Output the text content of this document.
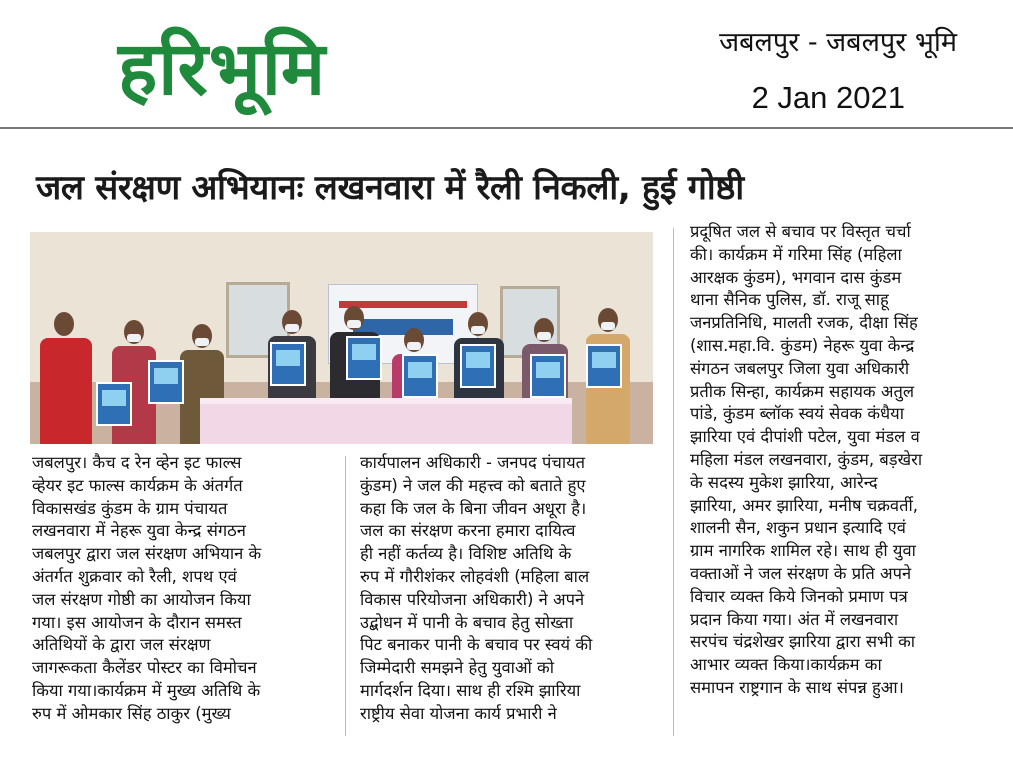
हरिभूमि	जबलपुर - जबलपुर भूमि
2 Jan 2021
जल संरक्षण अभियानः लखनवारा में रैली निकली, हुई गोष्ठी
जबलपुर। कैच द रेन व्हेन इट फाल्स
व्हेयर इट फाल्स कार्यक्रम के अंतर्गत
विकासखंड कुंडम के ग्राम पंचायत
लखनवारा में नेहरू युवा केन्द्र संगठन
जबलपुर द्वारा जल संरक्षण अभियान के
अंतर्गत शुक्रवार को रैली, शपथ एवं
जल संरक्षण गोष्ठी का आयोजन किया
गया। इस आयोजन के दौरान समस्त
अतिथियों के द्वारा जल संरक्षण
जागरूकता कैलेंडर पोस्टर का विमोचन
किया गया।कार्यक्रम में मुख्य अतिथि के
रुप में ओमकार सिंह ठाकुर (मुख्य
कार्यपालन अधिकारी - जनपद पंचायत
कुंडम) ने जल की महत्त्व को बताते हुए
कहा कि जल के बिना जीवन अधूरा है।
जल का संरक्षण करना हमारा दायित्व
ही नहीं कर्तव्य है। विशिष्ट अतिथि के
रुप में गौरीशंकर लोहवंशी (महिला बाल
विकास परियोजना अधिकारी) ने अपने
उद्बोधन में पानी के बचाव हेतु सोख्ता
पिट बनाकर पानी के बचाव पर स्वयं की
जिम्मेदारी समझने हेतु युवाओं को
मार्गदर्शन दिया। साथ ही रश्मि झारिया
राष्ट्रीय सेवा योजना कार्य प्रभारी ने
प्रदूषित जल से बचाव पर विस्तृत चर्चा
की। कार्यक्रम में गरिमा सिंह (महिला
आरक्षक कुंडम), भगवान दास कुंडम
थाना सैनिक पुलिस, डॉ. राजू साहू
जनप्रतिनिधि, मालती रजक, दीक्षा सिंह
(शास.महा.वि. कुंडम) नेहरू युवा केन्द्र
संगठन जबलपुर जिला युवा अधिकारी
प्रतीक सिन्हा, कार्यक्रम सहायक अतुल
पांडे, कुंडम ब्लॉक स्वयं सेवक कंधैया
झारिया एवं दीपांशी पटेल, युवा मंडल व
महिला मंडल लखनवारा, कुंडम, बड़खेरा
के सदस्य मुकेश झारिया, आरेन्द
झारिया, अमर झारिया, मनीष चक्रवर्ती,
शालनी सैन, शकुन प्रधान इत्यादि एवं
ग्राम नागरिक शामिल रहे। साथ ही युवा
वक्ताओं ने जल संरक्षण के प्रति अपने
विचार व्यक्त किये जिनको प्रमाण पत्र
प्रदान किया गया। अंत में लखनवारा
सरपंच चंद्रशेखर झारिया द्वारा सभी का
आभार व्यक्त किया।कार्यक्रम का
समापन राष्ट्रगान के साथ संपन्न हुआ।
